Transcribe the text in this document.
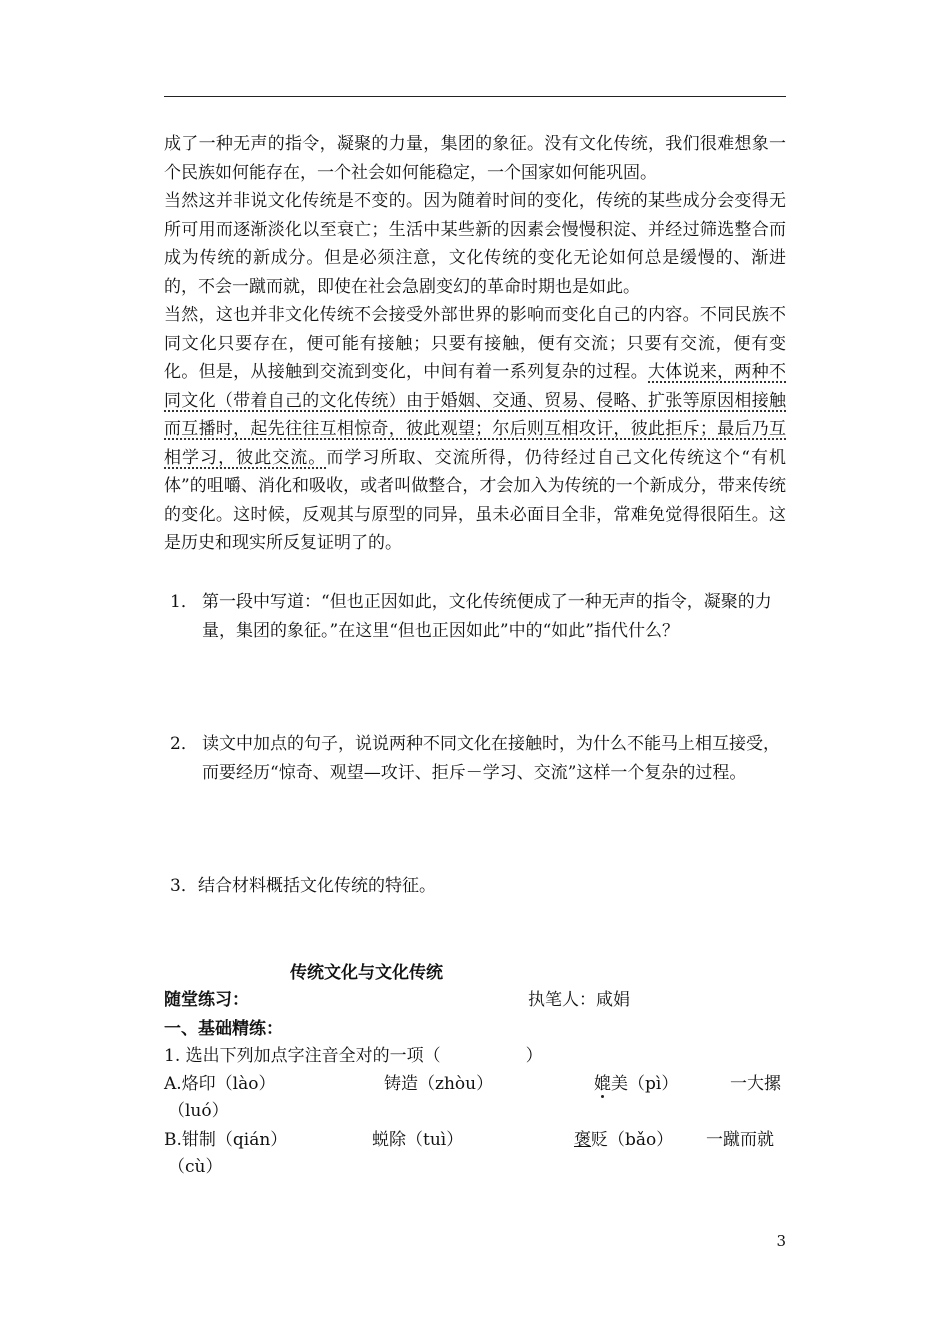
成了一种无声的指令，凝聚的力量，集团的象征。没有文化传统，我们很难想象一个民族如何能存在，一个社会如何能稳定，一个国家如何能巩固。

当然这并非说文化传统是不变的。因为随着时间的变化，传统的某些成分会变得无所可用而逐渐淡化以至衰亡；生活中某些新的因素会慢慢积淀、并经过筛选整合而成为传统的新成分。但是必须注意，文化传统的变化无论如何总是缓慢的、渐进的，不会一蹴而就，即使在社会急剧变幻的革命时期也是如此。

当然，这也并非文化传统不会接受外部世界的影响而变化自己的内容。不同民族不同文化只要存在，便可能有接触；只要有接触，便有交流；只要有交流，便有变化。但是，从接触到交流到变化，中间有着一系列复杂的过程。大体说来，两种不同文化（带着自己的文化传统）由于婚姻、交通、贸易、侵略、扩张等原因相接触而互播时，起先往往互相惊奇，彼此观望；尔后则互相攻讦，彼此拒斥；最后乃互相学习，彼此交流。而学习所取、交流所得，仍待经过自己文化传统这个“有机体”的咀嚼、消化和吸收，或者叫做整合，才会加入为传统的一个新成分，带来传统的变化。这时候，反观其与原型的同异，虽未必面目全非，常难免觉得很陌生。这是历史和现实所反复证明了的。

1． 第一段中写道：“但也正因如此，文化传统便成了一种无声的指令，凝聚的力量，集团的象征。”在这里“但也正因如此”中的“如此”指代什么？
2． 读文中加点的句子，说说两种不同文化在接触时，为什么不能马上相互接受，而要经历“惊奇、观望—攻讦、拒斥－学习、交流”这样一个复杂的过程。
3． 结合材料概括文化传统的特征。
传统文化与文化传统
随堂练习：	执笔人：咸娟
一、基础精练：
1. 选出下列加点字注音全对的一项（　　　　　）
A.烙印（lào）	铸造（zhòu）	媲美（pì）	一大摞
（luó）
B.钳制（qián）	蜕除（tuì）	褒贬（bǎo） 一蹴而就
（cù）
3
